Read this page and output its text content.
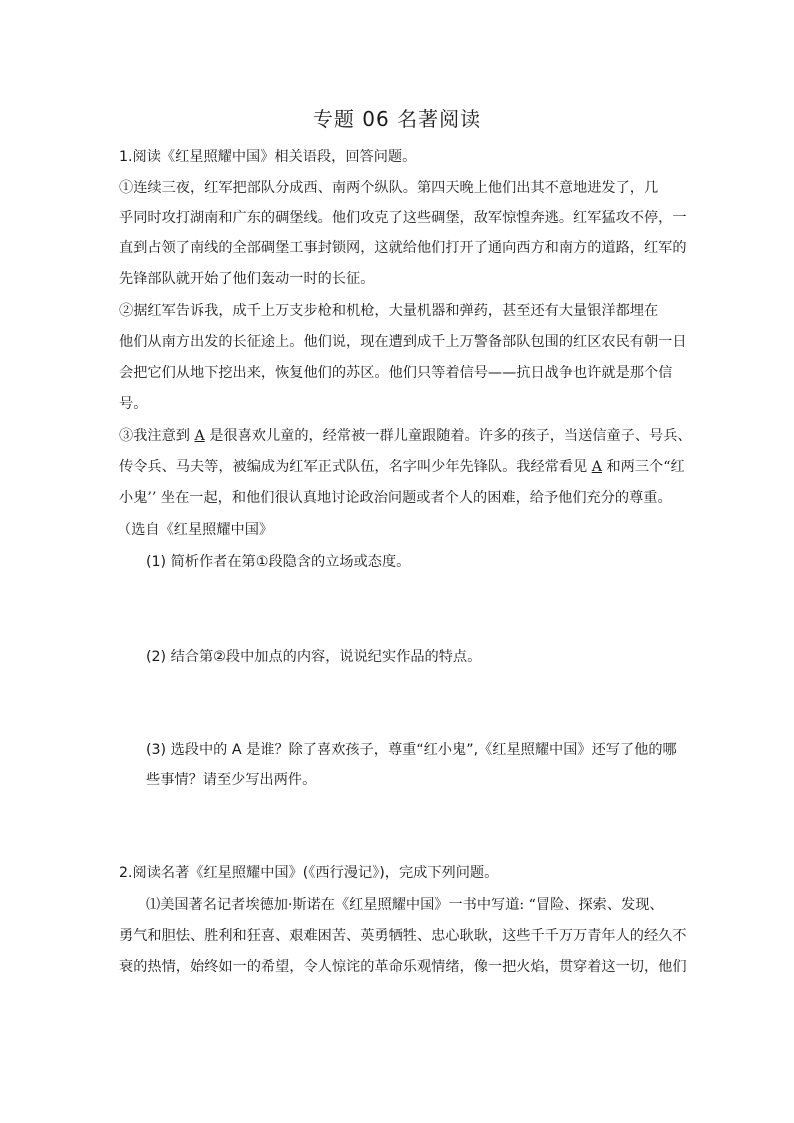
专题 06 名著阅读
1.阅读《红星照耀中国》相关语段，回答问题。
①连续三夜，红军把部队分成西、南两个纵队。第四天晚上他们出其不意地进发了，几
乎同时攻打湖南和广东的碉堡线。他们攻克了这些碉堡，敌军惊惶奔逃。红军猛攻不停，一
直到占领了南线的全部碉堡工事封锁网，这就给他们打开了通向西方和南方的道路，红军的
先锋部队就开始了他们轰动一时的长征。
②据红军告诉我，成千上万支步枪和机枪，大量机器和弹药，甚至还有大量银洋都埋在
他们从南方出发的长征途上。他们说，现在遭到成千上万警备部队包围的红区农民有朝一日
会把它们从地下挖出来，恢复他们的苏区。他们只等着信号——抗日战争也许就是那个信
号。
③我注意到 A 是很喜欢儿童的，经常被一群儿童跟随着。许多的孩子，当送信童子、号兵、
传令兵、马夫等，被编成为红军正式队伍，名字叫少年先锋队。我经常看见 A 和两三个“红
小鬼’’ 坐在一起，和他们很认真地讨论政治问题或者个人的困难，给予他们充分的尊重。
（选自《红星照耀中国》
(1) 简析作者在第①段隐含的立场或态度。
(2) 结合第②段中加点的内容，说说纪实作品的特点。
(3) 选段中的 A 是谁？除了喜欢孩子，尊重“红小鬼”,《红星照耀中国》还写了他的哪
些事情？请至少写出两件。
2.阅读名著《红星照耀中国》(《西行漫记》)，完成下列问题。
⑴美国著名记者埃德加·斯诺在《红星照耀中国》一书中写道: “冒险、探索、发现、
勇气和胆怯、胜利和狂喜、艰难困苦、英勇牺牲、忠心耿耿，这些千千万万青年人的经久不
衰的热情，始终如一的希望，令人惊诧的革命乐观情绪，像一把火焰，贯穿着这一切，他们
